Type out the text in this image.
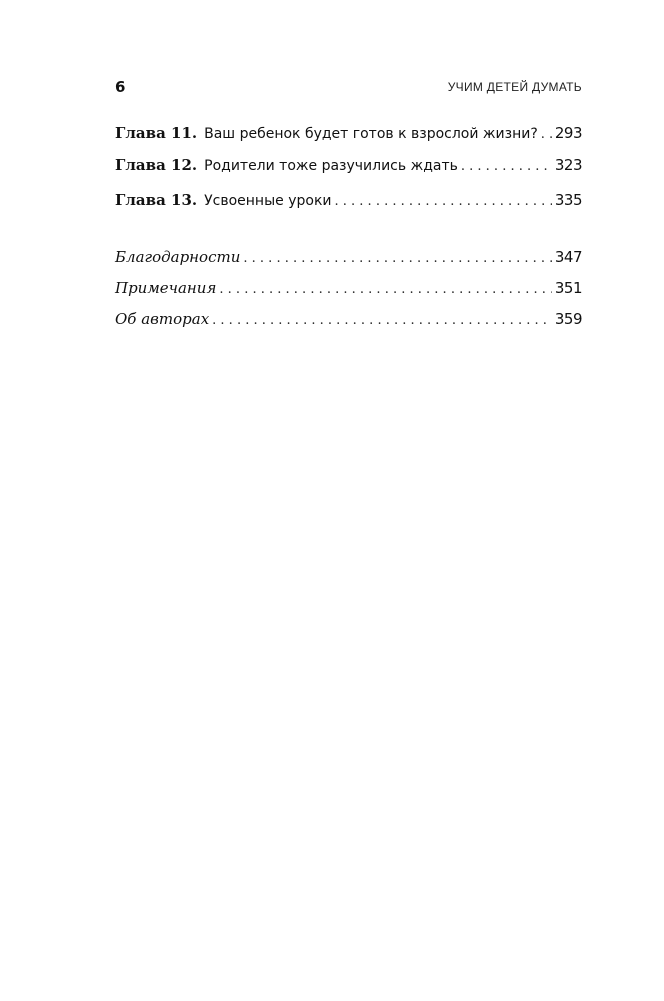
6	УЧИМ ДЕТЕЙ ДУМАТЬ
Глава 11. Ваш ребенок будет готов к взрослой жизни? . . . 293
Глава 12. Родители тоже разучились ждать . . .	323
Глава 13. Усвоенные уроки . . .	335
Благодарности . . .	347
Примечания . . .	351
Об авторах . . .	359
